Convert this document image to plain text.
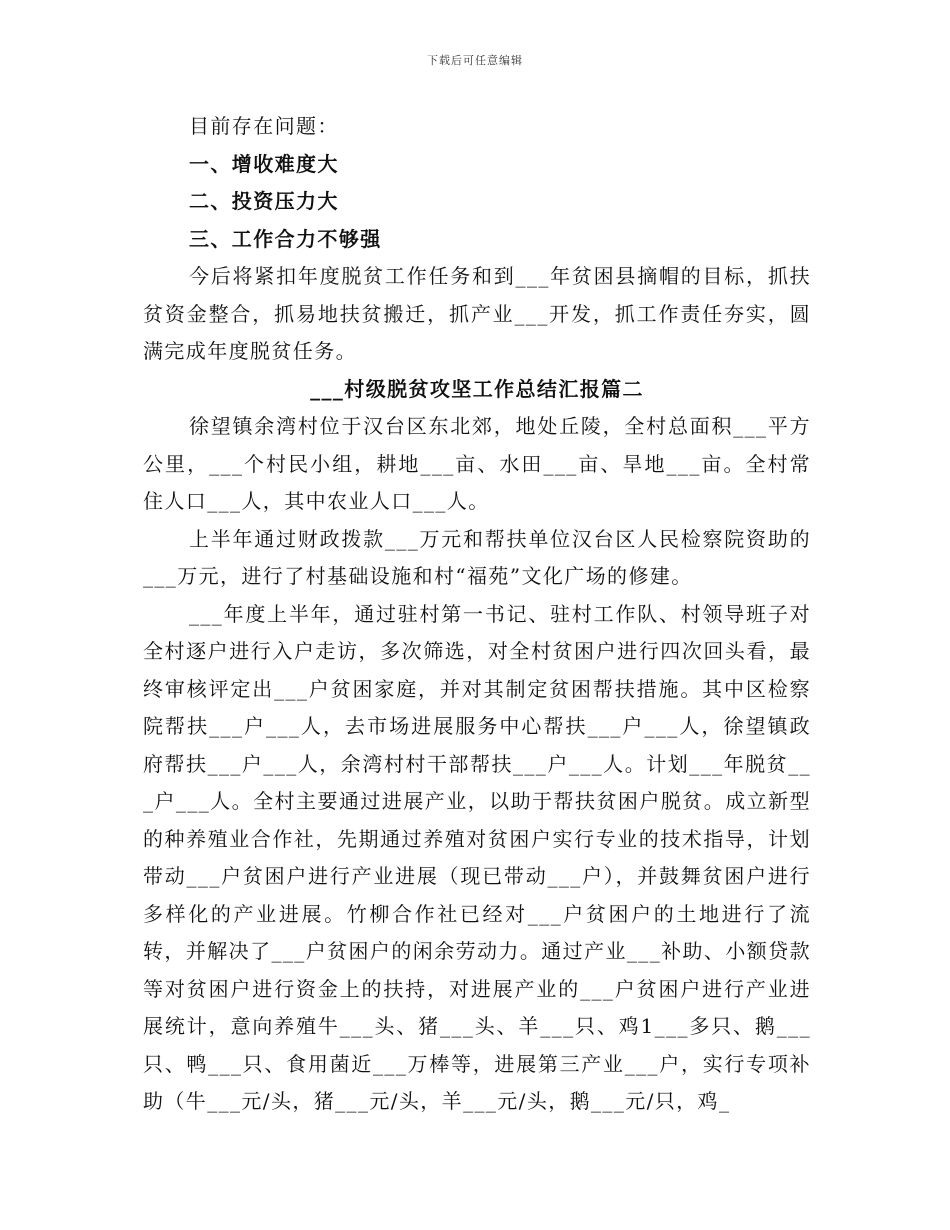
下载后可任意编辑

目前存在问题：

一、增收难度大

二、投资压力大

三、工作合力不够强

今后将紧扣年度脱贫工作任务和到___年贫困县摘帽的目标，抓扶贫资金整合，抓易地扶贫搬迁，抓产业___开发，抓工作责任夯实，圆满完成年度脱贫任务。

___村级脱贫攻坚工作总结汇报篇二

徐望镇余湾村位于汉台区东北郊，地处丘陵，全村总面积___平方公里，___个村民小组，耕地___亩、水田___亩、旱地___亩。全村常住人口___人，其中农业人口___人。

上半年通过财政拨款___万元和帮扶单位汉台区人民检察院资助的___万元，进行了村基础设施和村“福苑”文化广场的修建。

___年度上半年，通过驻村第一书记、驻村工作队、村领导班子对全村逐户进行入户走访，多次筛选，对全村贫困户进行四次回头看，最终审核评定出___户贫困家庭，并对其制定贫困帮扶措施。其中区检察院帮扶___户___人，去市场进展服务中心帮扶___户___人，徐望镇政府帮扶___户___人，余湾村村干部帮扶___户___人。计划___年脱贫___户___人。全村主要通过进展产业，以助于帮扶贫困户脱贫。成立新型的种养殖业合作社，先期通过养殖对贫困户实行专业的技术指导，计划带动___户贫困户进行产业进展（现已带动___户），并鼓舞贫困户进行多样化的产业进展。竹柳合作社已经对___户贫困户的土地进行了流转，并解决了___户贫困户的闲余劳动力。通过产业___补助、小额贷款等对贫困户进行资金上的扶持，对进展产业的___户贫困户进行产业进展统计，意向养殖牛___头、猪___头、羊___只、鸡1___多只、鹅___只、鸭___只、食用菌近___万棒等，进展第三产业___户，实行专项补助（牛___元/头，猪___元/头，羊___元/头，鹅___元/只，鸡_
